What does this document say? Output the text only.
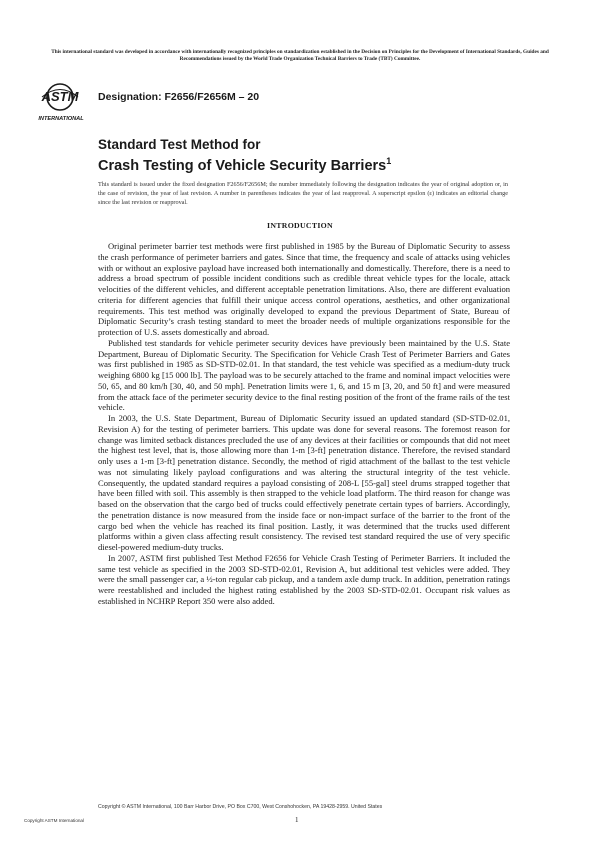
This international standard was developed in accordance with internationally recognized principles on standardization established in the Decision on Principles for the Development of International Standards, Guides and Recommendations issued by the World Trade Organization Technical Barriers to Trade (TBT) Committee.
ASTM
INTERNATIONAL
Designation: F2656/F2656M – 20
Standard Test Method for
Crash Testing of Vehicle Security Barriers$^1$
This standard is issued under the fixed designation F2656/F2656M; the number immediately following the designation indicates the year of original adoption or, in the case of revision, the year of last revision. A number in parentheses indicates the year of last reapproval. A superscript epsilon (ε) indicates an editorial change since the last revision or reapproval.
INTRODUCTION

Original perimeter barrier test methods were first published in 1985 by the Bureau of Diplomatic Security to assess the crash performance of perimeter barriers and gates. Since that time, the frequency and scale of attacks using vehicles with or without an explosive payload have increased both internationally and domestically. Therefore, there is a need to address a broad spectrum of possible incident conditions such as credible threat vehicle types for the locale, attack velocities of the different vehicles, and different acceptable penetration limitations. Also, there are different evaluation criteria for different agencies that fulfill their unique access control operations, aesthetics, and other organizational requirements. This test method was originally developed to expand the previous Department of State, Bureau of Diplomatic Security’s crash testing standard to meet the broader needs of multiple organizations responsible for the protection of U.S. assets domestically and abroad.

Published test standards for vehicle perimeter security devices have previously been maintained by the U.S. State Department, Bureau of Diplomatic Security. The Specification for Vehicle Crash Test of Perimeter Barriers and Gates was first published in 1985 as SD-STD-02.01. In that standard, the test vehicle was specified as a medium-duty truck weighing 6800 kg [15 000 lb]. The payload was to be securely attached to the frame and nominal impact velocities were 50, 65, and 80 km/h [30, 40, and 50 mph]. Penetration limits were 1, 6, and 15 m [3, 20, and 50 ft] and were measured from the attack face of the perimeter security device to the final resting position of the front of the frame rails of the test vehicle.

In 2003, the U.S. State Department, Bureau of Diplomatic Security issued an updated standard (SD-STD-02.01, Revision A) for the testing of perimeter barriers. This update was done for several reasons. The foremost reason for change was limited setback distances precluded the use of any devices at their facilities or compounds that did not meet the highest test level, that is, those allowing more than 1-m [3-ft] penetration distance. Therefore, the revised standard only uses a 1-m [3-ft] penetration distance. Secondly, the method of rigid attachment of the ballast to the test vehicle was not simulating likely payload configurations and was altering the structural integrity of the test vehicle. Consequently, the updated standard requires a payload consisting of 208-L [55-gal] steel drums strapped together that have been filled with soil. This assembly is then strapped to the vehicle load platform. The third reason for change was based on the observation that the cargo bed of trucks could effectively penetrate certain types of barriers. Accordingly, the penetration distance is now measured from the inside face or non-impact surface of the barrier to the front of the cargo bed when the vehicle has reached its final position. Lastly, it was determined that the trucks used different platforms within a given class affecting result consistency. The revised test standard required the use of very specific diesel-powered medium-duty trucks.

In 2007, ASTM first published Test Method F2656 for Vehicle Crash Testing of Perimeter Barriers. It included the same test vehicle as specified in the 2003 SD-STD-02.01, Revision A, but additional test vehicles were added. They were the small passenger car, a ½-ton regular cab pickup, and a tandem axle dump truck. In addition, penetration ratings were reestablished and included the highest rating established by the 2003 SD-STD-02.01. Occupant risk values as established in NCHRP Report 350 were also added.

Copyright © ASTM International, 100 Barr Harbor Drive, PO Box C700, West Conshohocken, PA 19428-2959. United States
Copyright ASTM International	1
